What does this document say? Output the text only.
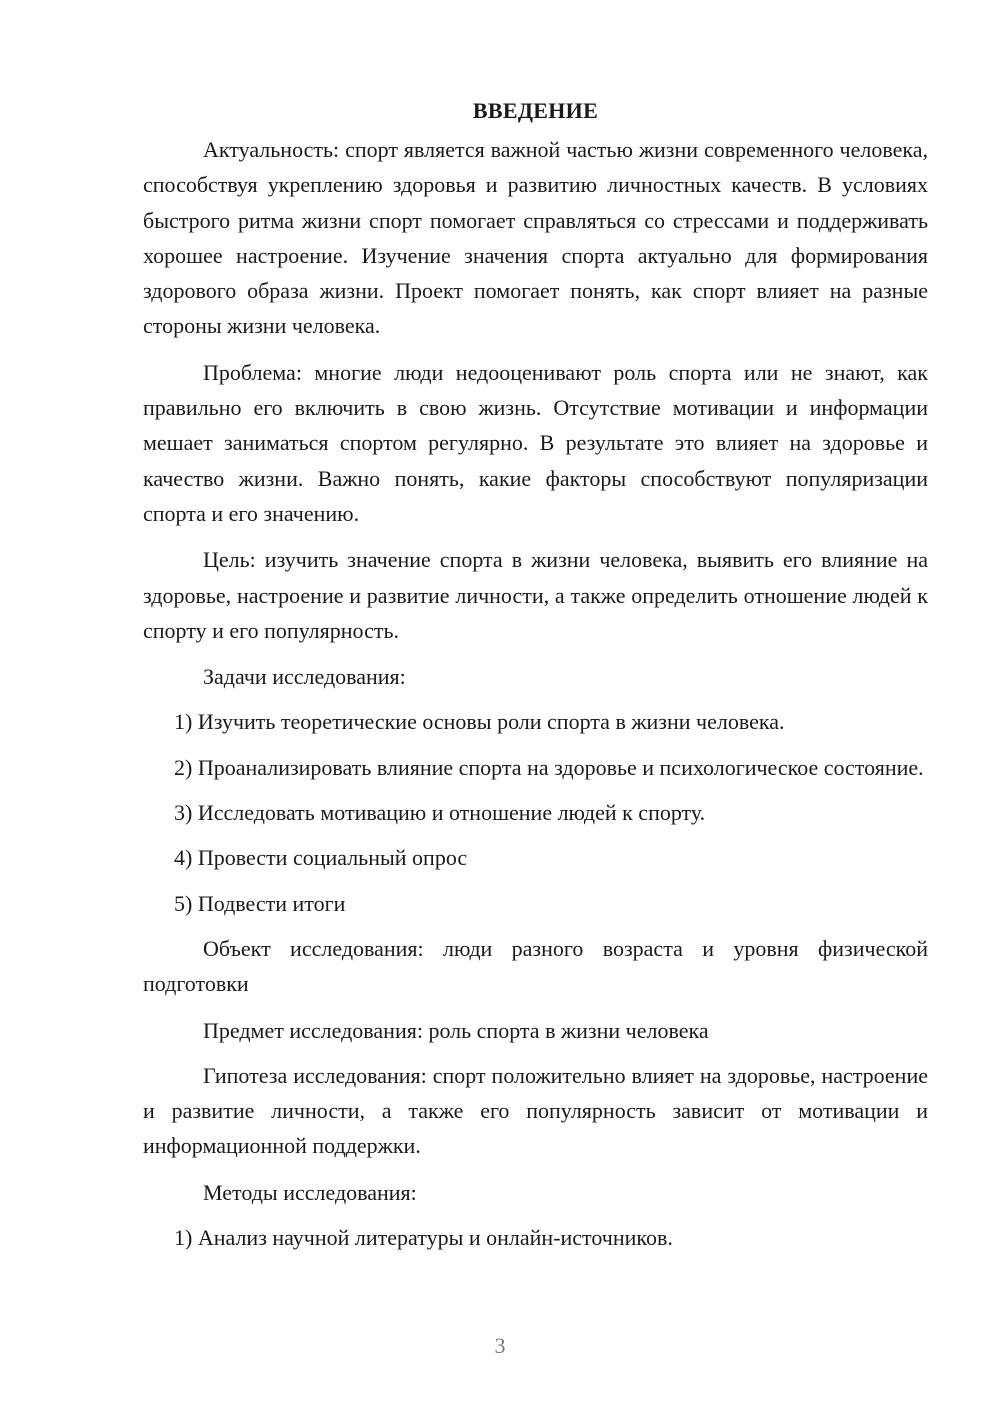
ВВЕДЕНИЕ

Актуальность: спорт является важной частью жизни современного человека, способствуя укреплению здоровья и развитию личностных качеств. В условиях быстрого ритма жизни спорт помогает справляться со стрессами и поддерживать хорошее настроение. Изучение значения спорта актуально для формирования здорового образа жизни. Проект помогает понять, как спорт влияет на разные стороны жизни человека.

Проблема: многие люди недооценивают роль спорта или не знают, как правильно его включить в свою жизнь. Отсутствие мотивации и информации мешает заниматься спортом регулярно. В результате это влияет на здоровье и качество жизни. Важно понять, какие факторы способствуют популяризации спорта и его значению.

Цель: изучить значение спорта в жизни человека, выявить его влияние на здоровье, настроение и развитие личности, а также определить отношение людей к спорту и его популярность.

Задачи исследования:

1) Изучить теоретические основы роли спорта в жизни человека.

2) Проанализировать влияние спорта на здоровье и психологическое состояние.

3) Исследовать мотивацию и отношение людей к спорту.

4) Провести социальный опрос

5) Подвести итоги

Объект исследования: люди разного возраста и уровня физической подготовки

Предмет исследования: роль спорта в жизни человека

Гипотеза исследования: спорт положительно влияет на здоровье, настроение и развитие личности, а также его популярность зависит от мотивации и информационной поддержки.

Методы исследования:

1) Анализ научной литературы и онлайн-источников.

3
